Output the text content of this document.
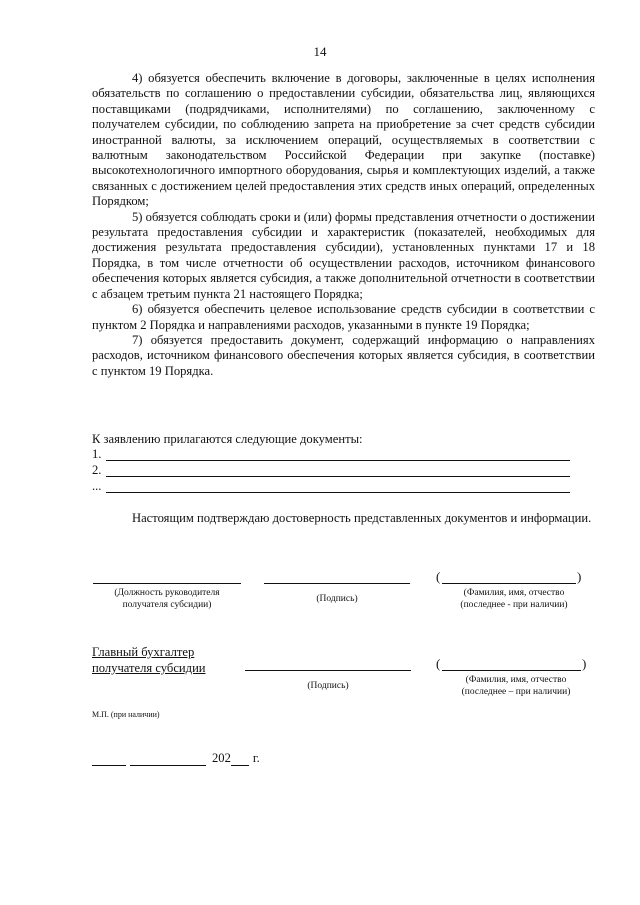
14

4) обязуется обеспечить включение в договоры, заключенные в целях исполнения обязательств по соглашению о предоставлении субсидии, обязательства лиц, являющихся поставщиками (подрядчиками, исполнителями) по соглашению, заключенному с получателем субсидии, по соблюдению запрета на приобретение за счет средств субсидии иностранной валюты, за исключением операций, осуществляемых в соответствии с валютным законодательством Российской Федерации при закупке (поставке) высокотехнологичного импортного оборудования, сырья и комплектующих изделий, а также связанных с достижением целей предоставления этих средств иных операций, определенных Порядком;

5) обязуется соблюдать сроки и (или) формы представления отчетности о достижении результата предоставления субсидии и характеристик (показателей, необходимых для достижения результата предоставления субсидии), установленных пунктами 17 и 18 Порядка, в том числе отчетности об осуществлении расходов, источником финансового обеспечения которых является субсидия, а также дополнительной отчетности в соответствии с абзацем третьим пункта 21 настоящего Порядка;

6) обязуется обеспечить целевое использование средств субсидии в соответствии с пунктом 2 Порядка и направлениями расходов, указанными в пункте 19 Порядка;

7) обязуется предоставить документ, содержащий информацию о направлениях расходов, источником финансового обеспечения которых является субсидия, в соответствии с пунктом 19 Порядка.

К заявлению прилагаются следующие документы:
1.
2.
...

Настоящим подтверждаю достоверность представленных документов и информации.

(Должность руководителя получателя субсидии)
(Подпись)
(	)
(Фамилия, имя, отчество (последнее - при наличии)
Главный бухгалтер
получателя субсидии
(Подпись)
(	)
(Фамилия, имя, отчество (последнее – при наличии)
М.П. (при наличии)
202 г.
